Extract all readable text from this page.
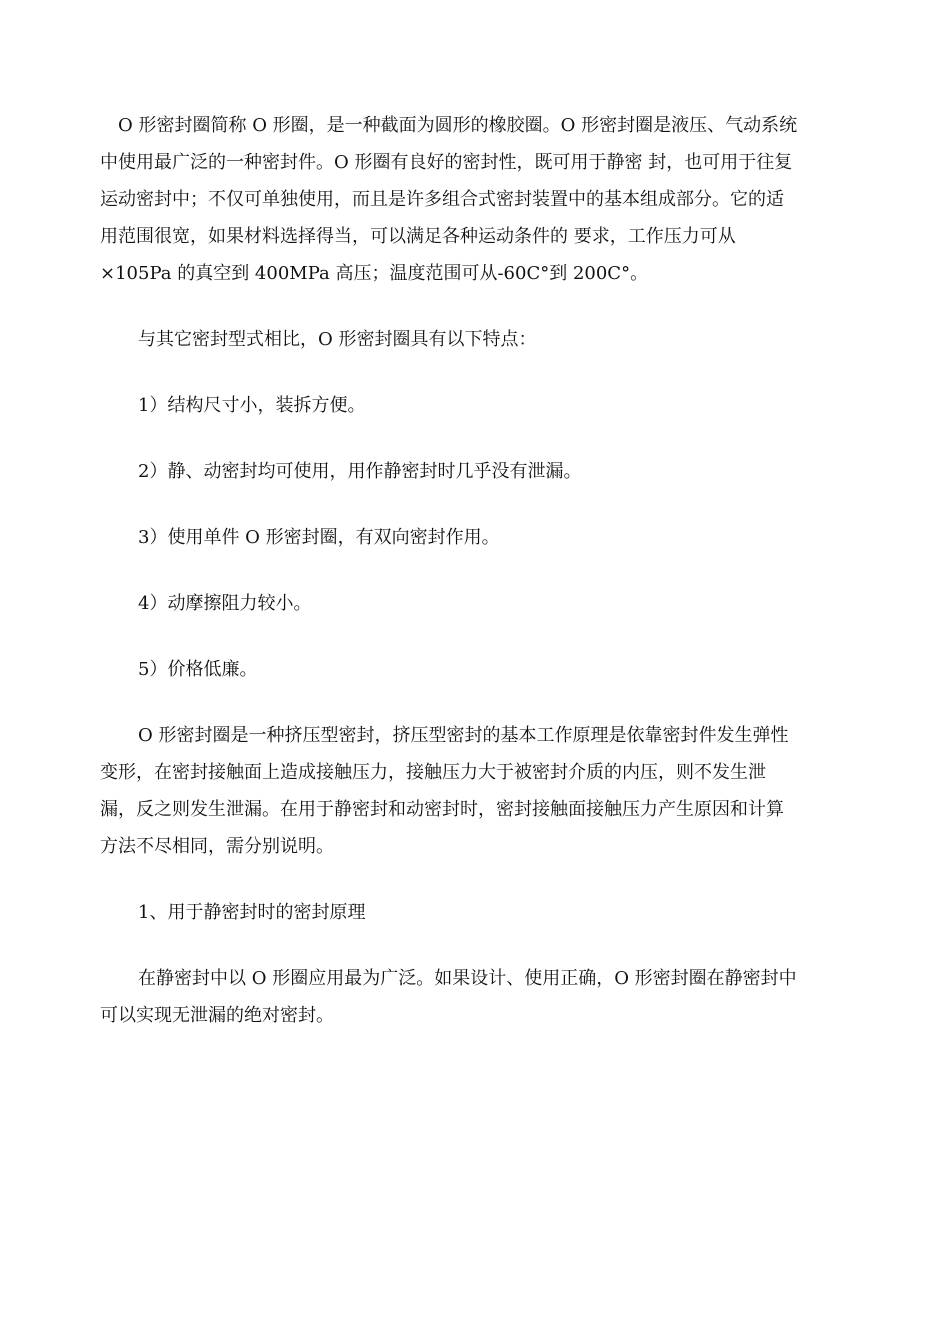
O 形密封圈简称 O 形圈，是一种截面为圆形的橡胶圈。O 形密封圈是液压、气动系统
中使用最广泛的一种密封件。O 形圈有良好的密封性，既可用于静密 封，也可用于往复
运动密封中；不仅可单独使用，而且是许多组合式密封装置中的基本组成部分。它的适
用范围很宽，如果材料选择得当，可以满足各种运动条件的 要求，工作压力可从
×105Pa 的真空到 400MPa 高压；温度范围可从-60C°到 200C°。

与其它密封型式相比，O 形密封圈具有以下特点：

1）结构尺寸小，装拆方便。

2）静、动密封均可使用，用作静密封时几乎没有泄漏。

3）使用单件 O 形密封圈，有双向密封作用。

4）动摩擦阻力较小。

5）价格低廉。

O 形密封圈是一种挤压型密封，挤压型密封的基本工作原理是依靠密封件发生弹性
变形，在密封接触面上造成接触压力，接触压力大于被密封介质的内压，则不发生泄
漏，反之则发生泄漏。在用于静密封和动密封时，密封接触面接触压力产生原因和计算
方法不尽相同，需分别说明。

1、用于静密封时的密封原理

在静密封中以 O 形圈应用最为广泛。如果设计、使用正确，O 形密封圈在静密封中
可以实现无泄漏的绝对密封。
